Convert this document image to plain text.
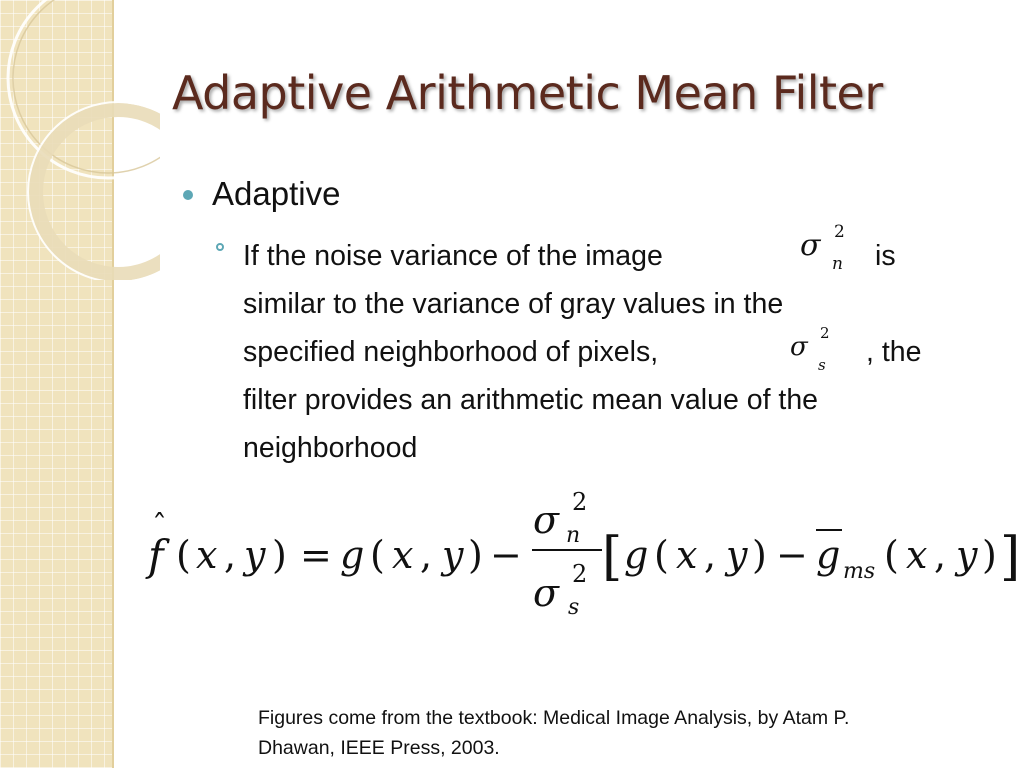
Adaptive Arithmetic Mean Filter
Adaptive
If the noise variance of the image	σ 2
n is
similar to the variance of gray values in the
specified neighborhood of pixels,	σ 2
s , the
filter provides an arithmetic mean value of the
neighborhood
f
ˆ
( x , y ) = g ( x , y ) −
σ 2
n
σ 2
s
[ g ( x , y ) − g ms ( x , y ) ]
Figures come from the textbook: Medical Image Analysis, by Atam P.
Dhawan, IEEE Press, 2003.
